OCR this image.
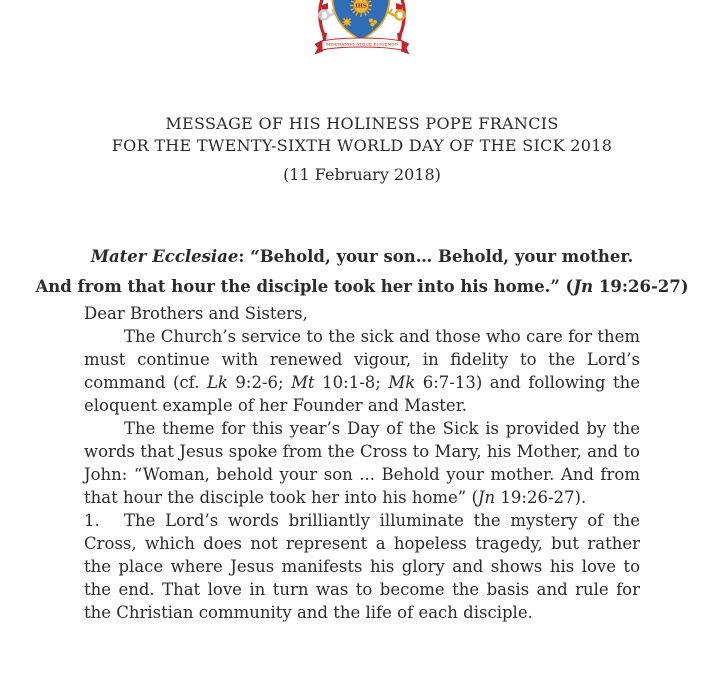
IHS
MISERANDO ATQUE ELIGENDO
MESSAGE OF HIS HOLINESS POPE FRANCIS
FOR THE TWENTY-SIXTH WORLD DAY OF THE SICK 2018
(11 February 2018)
Mater Ecclesiae: “Behold, your son… Behold, your mother.
And from that hour the disciple took her into his home.” (Jn 19:26-27)

Dear Brothers and Sisters,

The Church’s service to the sick and those who care for them must continue with renewed vigour, in fidelity to the Lord’s command (cf. Lk 9:2-6; Mt 10:1-8; Mk 6:7-13) and following the eloquent example of her Founder and Master.

The theme for this year’s Day of the Sick is provided by the words that Jesus spoke from the Cross to Mary, his Mother, and to John: “Woman, behold your son ... Behold your mother. And from that hour the disciple took her into his home” (Jn 19:26-27).

1. The Lord’s words brilliantly illuminate the mystery of the Cross, which does not represent a hopeless tragedy, but rather the place where Jesus manifests his glory and shows his love to the end. That love in turn was to become the basis and rule for the Christian community and the life of each disciple.
